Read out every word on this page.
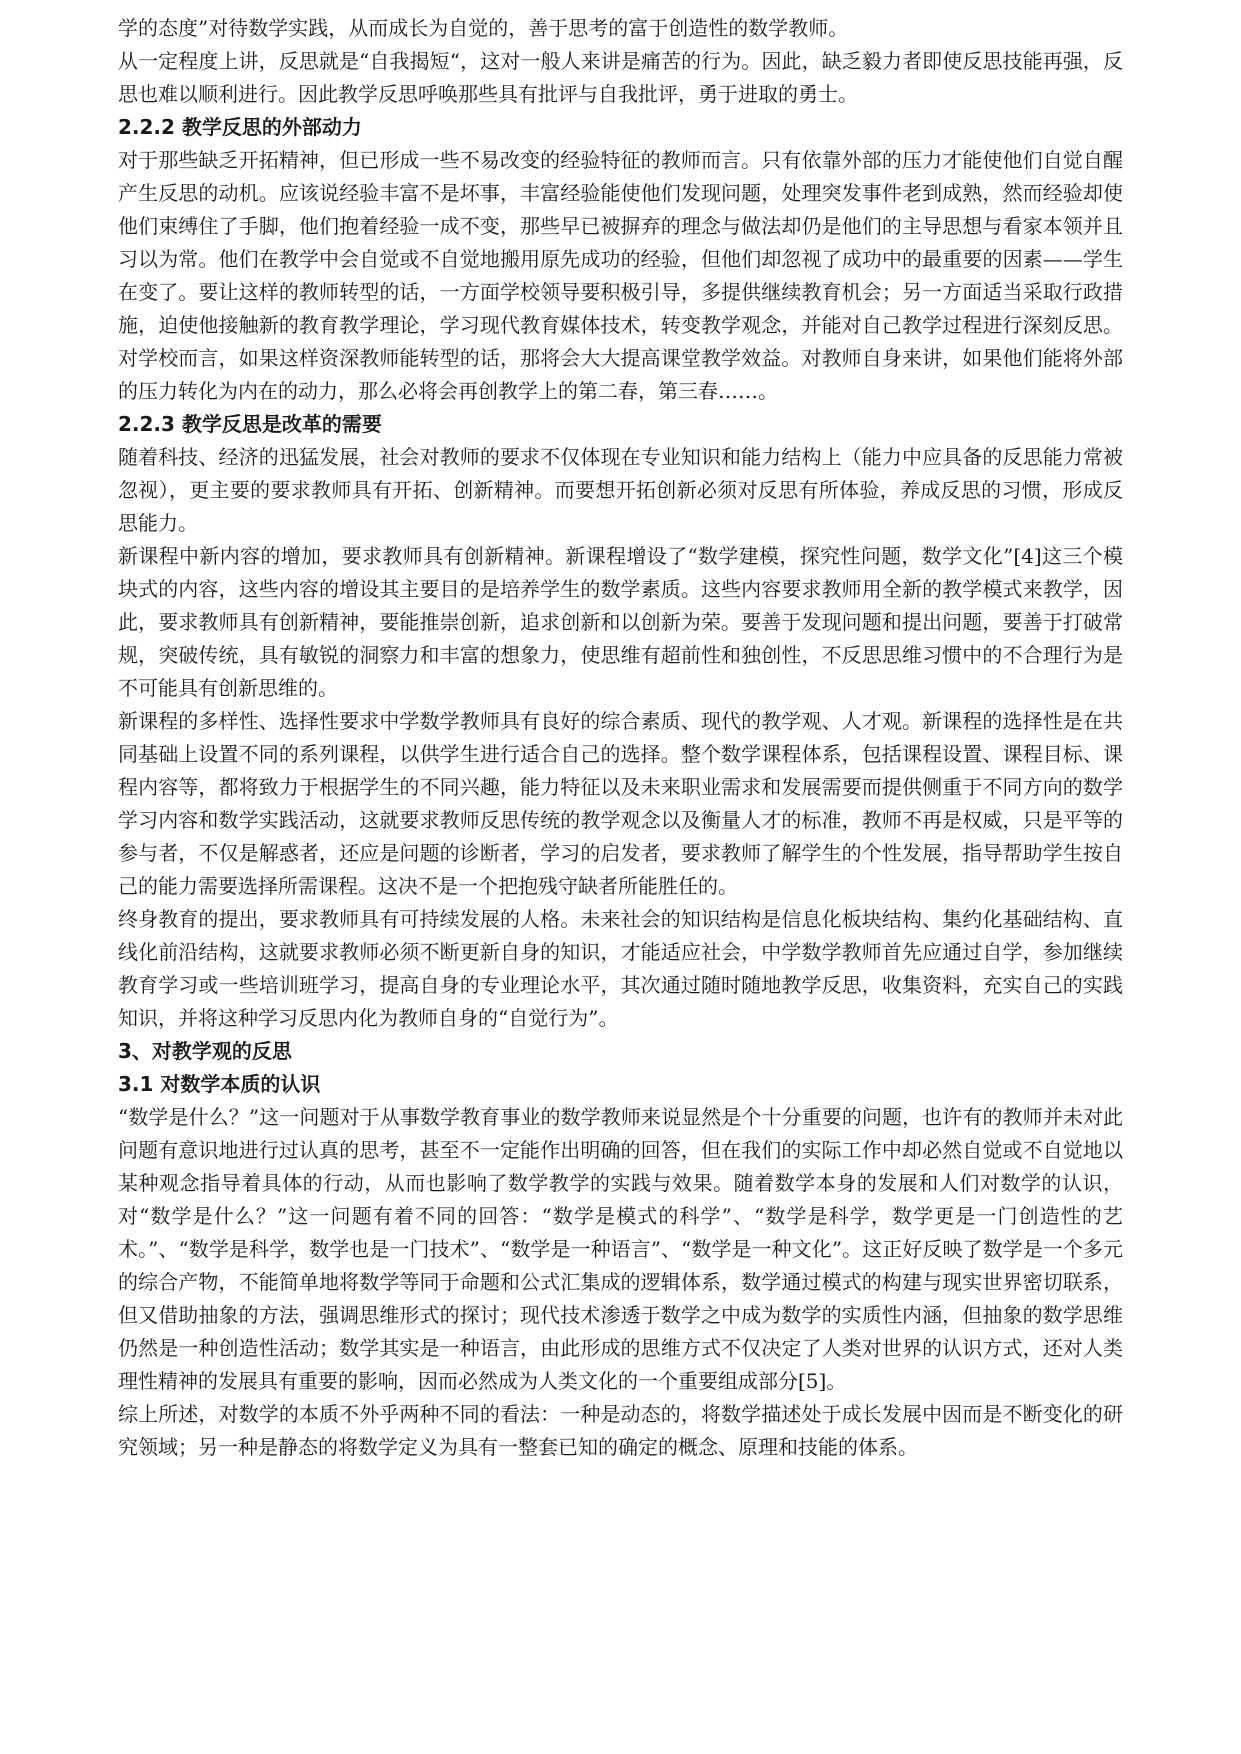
学的态度”对待数学实践，从而成长为自觉的，善于思考的富于创造性的数学教师。

从一定程度上讲，反思就是“自我揭短“，这对一般人来讲是痛苦的行为。因此，缺乏毅力者即使反思技能再强，反思也难以顺利进行。因此教学反思呼唤那些具有批评与自我批评，勇于进取的勇士。

2.2.2 教学反思的外部动力

对于那些缺乏开拓精神，但已形成一些不易改变的经验特征的教师而言。只有依靠外部的压力才能使他们自觉自醒产生反思的动机。应该说经验丰富不是坏事，丰富经验能使他们发现问题，处理突发事件老到成熟，然而经验却使他们束缚住了手脚，他们抱着经验一成不变，那些早已被摒弃的理念与做法却仍是他们的主导思想与看家本领并且习以为常。他们在教学中会自觉或不自觉地搬用原先成功的经验，但他们却忽视了成功中的最重要的因素——学生在变了。要让这样的教师转型的话，一方面学校领导要积极引导，多提供继续教育机会；另一方面适当采取行政措施，迫使他接触新的教育教学理论，学习现代教育媒体技术，转变教学观念，并能对自己教学过程进行深刻反思。对学校而言，如果这样资深教师能转型的话，那将会大大提高课堂教学效益。对教师自身来讲，如果他们能将外部的压力转化为内在的动力，那么必将会再创教学上的第二春，第三春……。

2.2.3 教学反思是改革的需要

随着科技、经济的迅猛发展，社会对教师的要求不仅体现在专业知识和能力结构上（能力中应具备的反思能力常被忽视），更主要的要求教师具有开拓、创新精神。而要想开拓创新必须对反思有所体验，养成反思的习惯，形成反思能力。

新课程中新内容的增加，要求教师具有创新精神。新课程增设了“数学建模，探究性问题，数学文化”[4]这三个模块式的内容，这些内容的增设其主要目的是培养学生的数学素质。这些内容要求教师用全新的教学模式来教学，因此，要求教师具有创新精神，要能推崇创新，追求创新和以创新为荣。要善于发现问题和提出问题，要善于打破常规，突破传统，具有敏锐的洞察力和丰富的想象力，使思维有超前性和独创性，不反思思维习惯中的不合理行为是不可能具有创新思维的。

新课程的多样性、选择性要求中学数学教师具有良好的综合素质、现代的教学观、人才观。新课程的选择性是在共同基础上设置不同的系列课程，以供学生进行适合自己的选择。整个数学课程体系，包括课程设置、课程目标、课程内容等，都将致力于根据学生的不同兴趣，能力特征以及未来职业需求和发展需要而提供侧重于不同方向的数学学习内容和数学实践活动，这就要求教师反思传统的教学观念以及衡量人才的标准，教师不再是权威，只是平等的参与者，不仅是解惑者，还应是问题的诊断者，学习的启发者，要求教师了解学生的个性发展，指导帮助学生按自己的能力需要选择所需课程。这决不是一个把抱残守缺者所能胜任的。

终身教育的提出，要求教师具有可持续发展的人格。未来社会的知识结构是信息化板块结构、集约化基础结构、直线化前沿结构，这就要求教师必须不断更新自身的知识，才能适应社会，中学数学教师首先应通过自学，参加继续教育学习或一些培训班学习，提高自身的专业理论水平，其次通过随时随地教学反思，收集资料，充实自己的实践知识，并将这种学习反思内化为教师自身的“自觉行为”。

3、对教学观的反思
3.1 对数学本质的认识

“数学是什么？”这一问题对于从事数学教育事业的数学教师来说显然是个十分重要的问题，也许有的教师并未对此问题有意识地进行过认真的思考，甚至不一定能作出明确的回答，但在我们的实际工作中却必然自觉或不自觉地以某种观念指导着具体的行动，从而也影响了数学教学的实践与效果。随着数学本身的发展和人们对数学的认识，对“数学是什么？”这一问题有着不同的回答：“数学是模式的科学”、“数学是科学，数学更是一门创造性的艺术。”、“数学是科学，数学也是一门技术”、“数学是一种语言”、“数学是一种文化”。这正好反映了数学是一个多元的综合产物，不能简单地将数学等同于命题和公式汇集成的逻辑体系，数学通过模式的构建与现实世界密切联系，但又借助抽象的方法，强调思维形式的探讨；现代技术渗透于数学之中成为数学的实质性内涵，但抽象的数学思维仍然是一种创造性活动；数学其实是一种语言，由此形成的思维方式不仅决定了人类对世界的认识方式，还对人类理性精神的发展具有重要的影响，因而必然成为人类文化的一个重要组成部分[5]。

综上所述，对数学的本质不外乎两种不同的看法：一种是动态的，将数学描述处于成长发展中因而是不断变化的研究领域；另一种是静态的将数学定义为具有一整套已知的确定的概念、原理和技能的体系。
